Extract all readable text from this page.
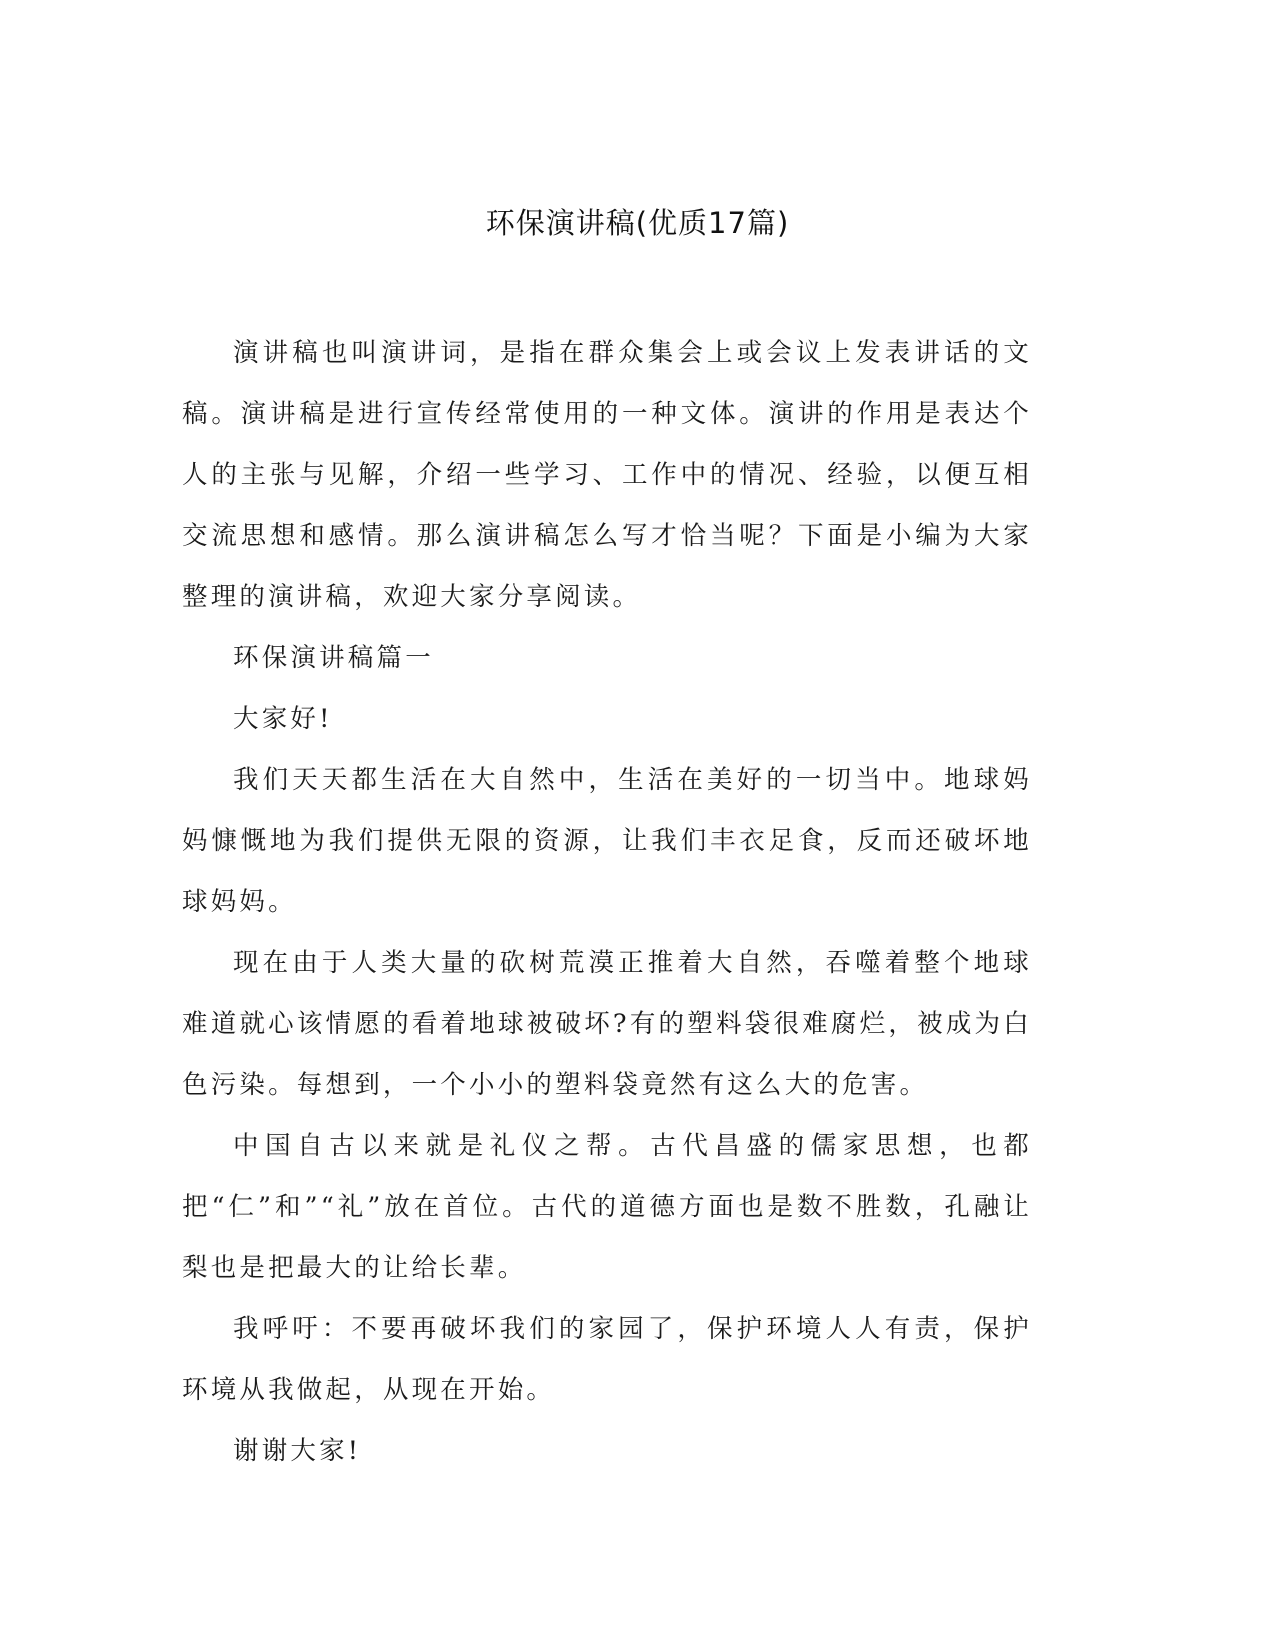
环保演讲稿(优质17篇)

演讲稿也叫演讲词，是指在群众集会上或会议上发表讲话的文稿。演讲稿是进行宣传经常使用的一种文体。演讲的作用是表达个人的主张与见解，介绍一些学习、工作中的情况、经验，以便互相交流思想和感情。那么演讲稿怎么写才恰当呢？下面是小编为大家整理的演讲稿，欢迎大家分享阅读。

环保演讲稿篇一

大家好!

我们天天都生活在大自然中，生活在美好的一切当中。地球妈妈慷慨地为我们提供无限的资源，让我们丰衣足食，反而还破坏地球妈妈。

现在由于人类大量的砍树荒漠正推着大自然，吞噬着整个地球难道就心该情愿的看着地球被破坏?有的塑料袋很难腐烂，被成为白色污染。每想到，一个小小的塑料袋竟然有这么大的危害。

中国自古以来就是礼仪之帮。古代昌盛的儒家思想，也都把“仁”和”“礼”放在首位。古代的道德方面也是数不胜数，孔融让梨也是把最大的让给长辈。

我呼吁：不要再破坏我们的家园了，保护环境人人有责，保护环境从我做起，从现在开始。

谢谢大家!
